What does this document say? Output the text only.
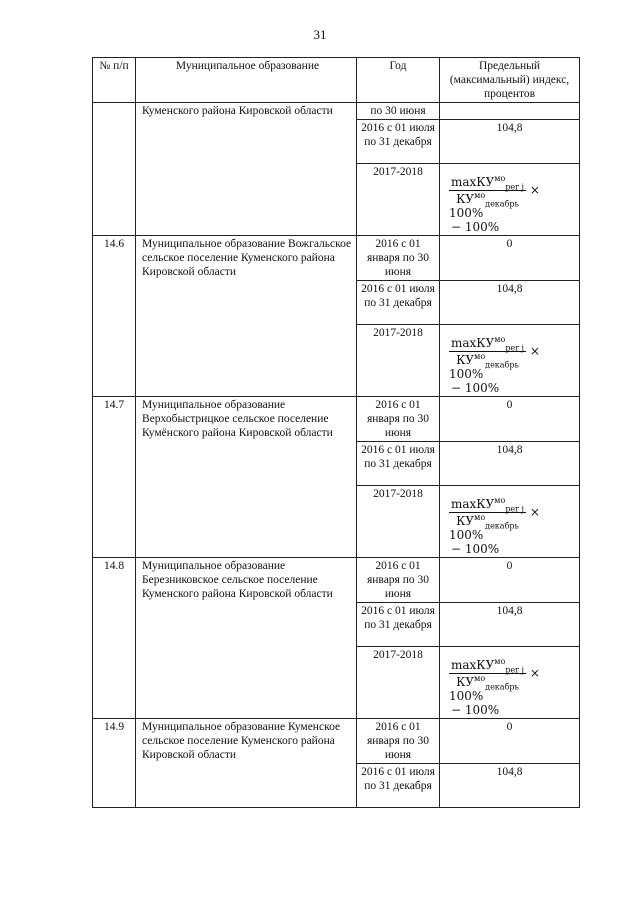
31
№ п/п	Муниципальное образование	Год	Предельный (максимальный) индекс, процентов
	Куменского района Кировской области	по 30 июня	
		2016 с 01 июля по 31 декабря	104,8
		2017-2018	$\frac{\max КУ^{мо}_{per j}}{КУ^{мо}_{декабрь}} \times 100\%$
− 100%

14.6	Муниципальное образование Вожгальское сельское поселение Куменского района Кировской области	2016 с 01 января по 30 июня	0
		2016 с 01 июля по 31 декабря	104,8
		2017-2018	$\frac{\max КУ^{мо}_{per j}}{КУ^{мо}_{декабрь}} \times 100\%$
− 100%

14.7	Муниципальное образование Верхобыстрицкое сельское поселение Кумёнского района Кировской области	2016 с 01 января по 30 июня	0
		2016 с 01 июля по 31 декабря	104,8
		2017-2018	$\frac{\max КУ^{мо}_{per j}}{КУ^{мо}_{декабрь}} \times 100\%$
− 100%

14.8	Муниципальное образование Березниковское сельское поселение Куменского района Кировской области	2016 с 01 января по 30 июня	0
		2016 с 01 июля по 31 декабря	104,8
		2017-2018	$\frac{\max КУ^{мо}_{per j}}{КУ^{мо}_{декабрь}} \times 100\%$
− 100%

14.9	Муниципальное образование Куменское сельское поселение Куменского района Кировской области	2016 с 01 января по 30 июня	0
		2016 с 01 июля по 31 декабря	104,8
